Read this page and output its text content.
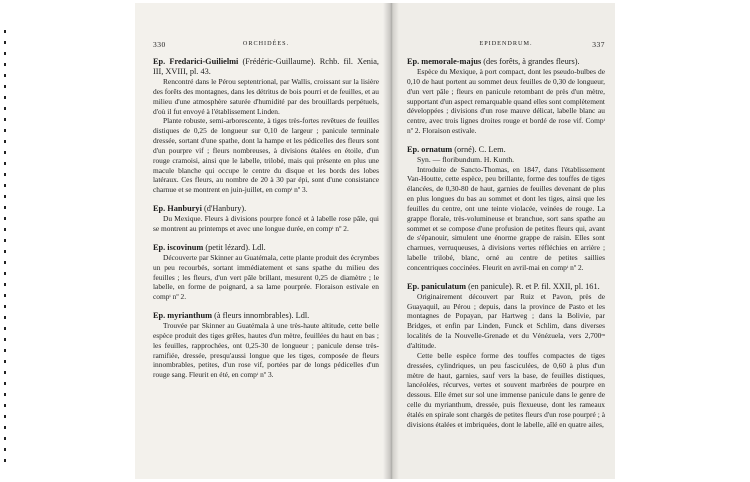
330	ORCHIDÉES.

Ep. Fredarici-Guilielmi (Frédéric-Guillaume). Rchb. fil. Xenia, III, XVIII, pl. 43.

Rencontré dans le Pérou septentrional, par Wallis, croissant sur la lisière des forêts des montagnes, dans les détritus de bois pourri et de feuilles, et au milieu d'une atmosphère saturée d'humidité par des brouillards perpétuels, d'où il fut envoyé à l'établissement Linden.

Plante robuste, semi-arborescente, à tiges très-fortes revêtues de feuilles distiques de 0,25 de longueur sur 0,10 de largeur ; panicule terminale dressée, sortant d'une spathe, dont la hampe et les pédicelles des fleurs sont d'un pourpre vif ; fleurs nombreuses, à divisions étalées en étoile, d'un rouge cramoisi, ainsi que le labelle, trilobé, mais qui présente en plus une macule blanche qui occupe le centre du disque et les bords des lobes latéraux. Ces fleurs, au nombre de 20 à 30 par épi, sont d'une consistance charnue et se montrent en juin-juillet, en compᵗ nº 3.

Ep. Hanburyi (d'Hanbury).

Du Mexique. Fleurs à divisions pourpre foncé et à labelle rose pâle, qui se montrent au printemps et avec une longue durée, en compᵗ nº 2.

Ep. iscovinum (petit lézard). Ldl.

Découverte par Skinner au Guatémala, cette plante produit des écrymbes un peu recourbés, sortant immédiatement et sans spathe du milieu des feuilles ; les fleurs, d'un vert pâle brillant, mesurent 0,25 de diamètre ; le labelle, en forme de poignard, a sa lame pourprée. Floraison estivale en compᵗ nº 2.

Ep. myrianthum (à fleurs innombrables). Ldl.

Trouvée par Skinner au Guatémala à une très-haute altitude, cette belle espèce produit des tiges grêles, hautes d'un mètre, feuillées du haut en bas ; les feuilles, rapprochées, ont 0,25-30 de longueur ; panicule dense très-ramifiée, dressée, presqu'aussi longue que les tiges, composée de fleurs innombrables, petites, d'un rose vif, portées par de longs pédicelles d'un rouge sang. Fleurit en été, en compᵗ nº 3.

EPIDENDRUM.	337

Ep. memorale-majus (des forêts, à grandes fleurs).

Espèce du Mexique, à port compact, dont les pseudo-bulbes de 0,10 de haut portent au sommet deux feuilles de 0,30 de longueur, d'un vert pâle ; fleurs en panicule retombant de près d'un mètre, supportant d'un aspect remarquable quand elles sont complètement développées ; divisions d'un rose mauve délicat, labelle blanc au centre, avec trois lignes droites rouge et bordé de rose vif. Compᵗ nº 2. Floraison estivale.

Ep. ornatum (orné). C. Lem.

Syn. — floribundum. H. Kunth.

Introduite de Sancto-Thomas, en 1847, dans l'établissement Van-Houtte, cette espèce, peu brillante, forme des touffes de tiges élancées, de 0,30-80 de haut, garnies de feuilles devenant de plus en plus longues du bas au sommet et dont les tiges, ainsi que les feuilles du centre, ont une teinte violacée, veinées de rouge. La grappe florale, très-volumineuse et branchue, sort sans spathe au sommet et se compose d'une profusion de petites fleurs qui, avant de s'épanouir, simulent une énorme grappe de raisin. Elles sont charnues, verruqueuses, à divisions vertes réfléchies en arrière ; labelle trilobé, blanc, orné au centre de petites saillies concentriques coccinées. Fleurit en avril-mai en compᵗ nº 2.

Ep. paniculatum (en panicule). R. et P. fil. XXII, pl. 161.

Originairement découvert par Ruiz et Pavon, près de Guayaquil, au Pérou ; depuis, dans la province de Pasto et les montagnes de Popayan, par Hartweg ; dans la Bolivie, par Bridges, et enfin par Linden, Funck et Schlim, dans diverses localités de la Nouvelle-Grenade et du Vénézuela, vers 2,700ᵐ d'altitude.

Cette belle espèce forme des touffes compactes de tiges dressées, cylindriques, un peu fasciculées, de 0,60 à plus d'un mètre de haut, garnies, sauf vers la base, de feuilles distiques, lancéolées, récurves, vertes et souvent marbrées de pourpre en dessous. Elle émet sur sol une immense panicule dans le genre de celle du myrianthum, dressée, puis flexueuse, dont les rameaux étalés en spirale sont chargés de petites fleurs d'un rose pourpré ; à divisions étalées et imbriquées, dont le labelle, aîlé en quatre ailes,
